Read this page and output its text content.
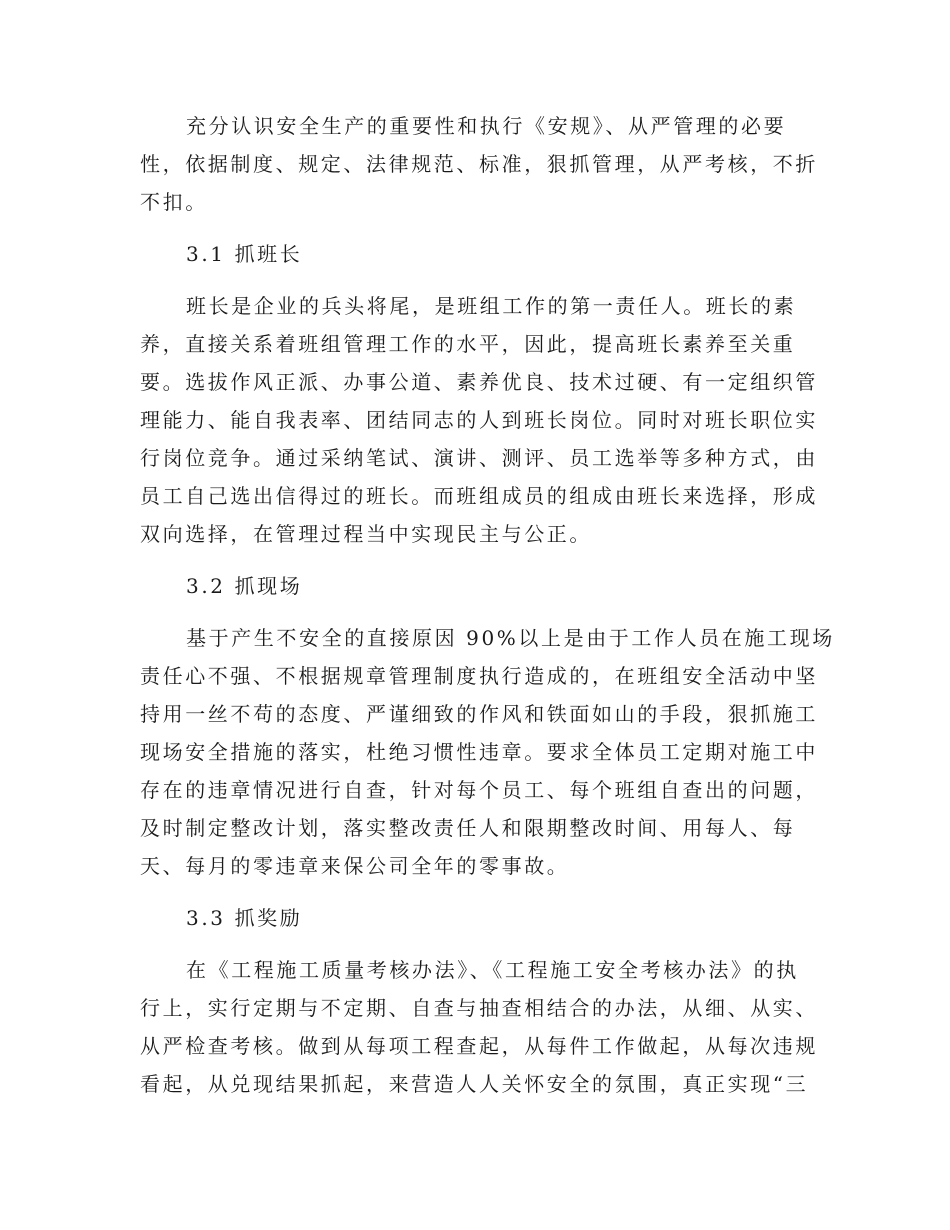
充分认识安全生产的重要性和执行《安规》、从严管理的必要

性，依据制度、规定、法律规范、标准，狠抓管理，从严考核，不折

不扣。

3.1 抓班长

班长是企业的兵头将尾，是班组工作的第一责任人。班长的素

养，直接关系着班组管理工作的水平，因此，提高班长素养至关重

要。选拔作风正派、办事公道、素养优良、技术过硬、有一定组织管

理能力、能自我表率、团结同志的人到班长岗位。同时对班长职位实

行岗位竞争。通过采纳笔试、演讲、测评、员工选举等多种方式，由

员工自己选出信得过的班长。而班组成员的组成由班长来选择，形成

双向选择，在管理过程当中实现民主与公正。

3.2 抓现场

基于产生不安全的直接原因 90%以上是由于工作人员在施工现场

责任心不强、不根据规章管理制度执行造成的，在班组安全活动中坚

持用一丝不苟的态度、严谨细致的作风和铁面如山的手段，狠抓施工

现场安全措施的落实，杜绝习惯性违章。要求全体员工定期对施工中

存在的违章情况进行自查，针对每个员工、每个班组自查出的问题，

及时制定整改计划，落实整改责任人和限期整改时间、用每人、每

天、每月的零违章来保公司全年的零事故。

3.3 抓奖励

在《工程施工质量考核办法》、《工程施工安全考核办法》的执

行上，实行定期与不定期、自查与抽查相结合的办法，从细、从实、

从严检查考核。做到从每项工程查起，从每件工作做起，从每次违规

看起，从兑现结果抓起，来营造人人关怀安全的氛围，真正实现“三
